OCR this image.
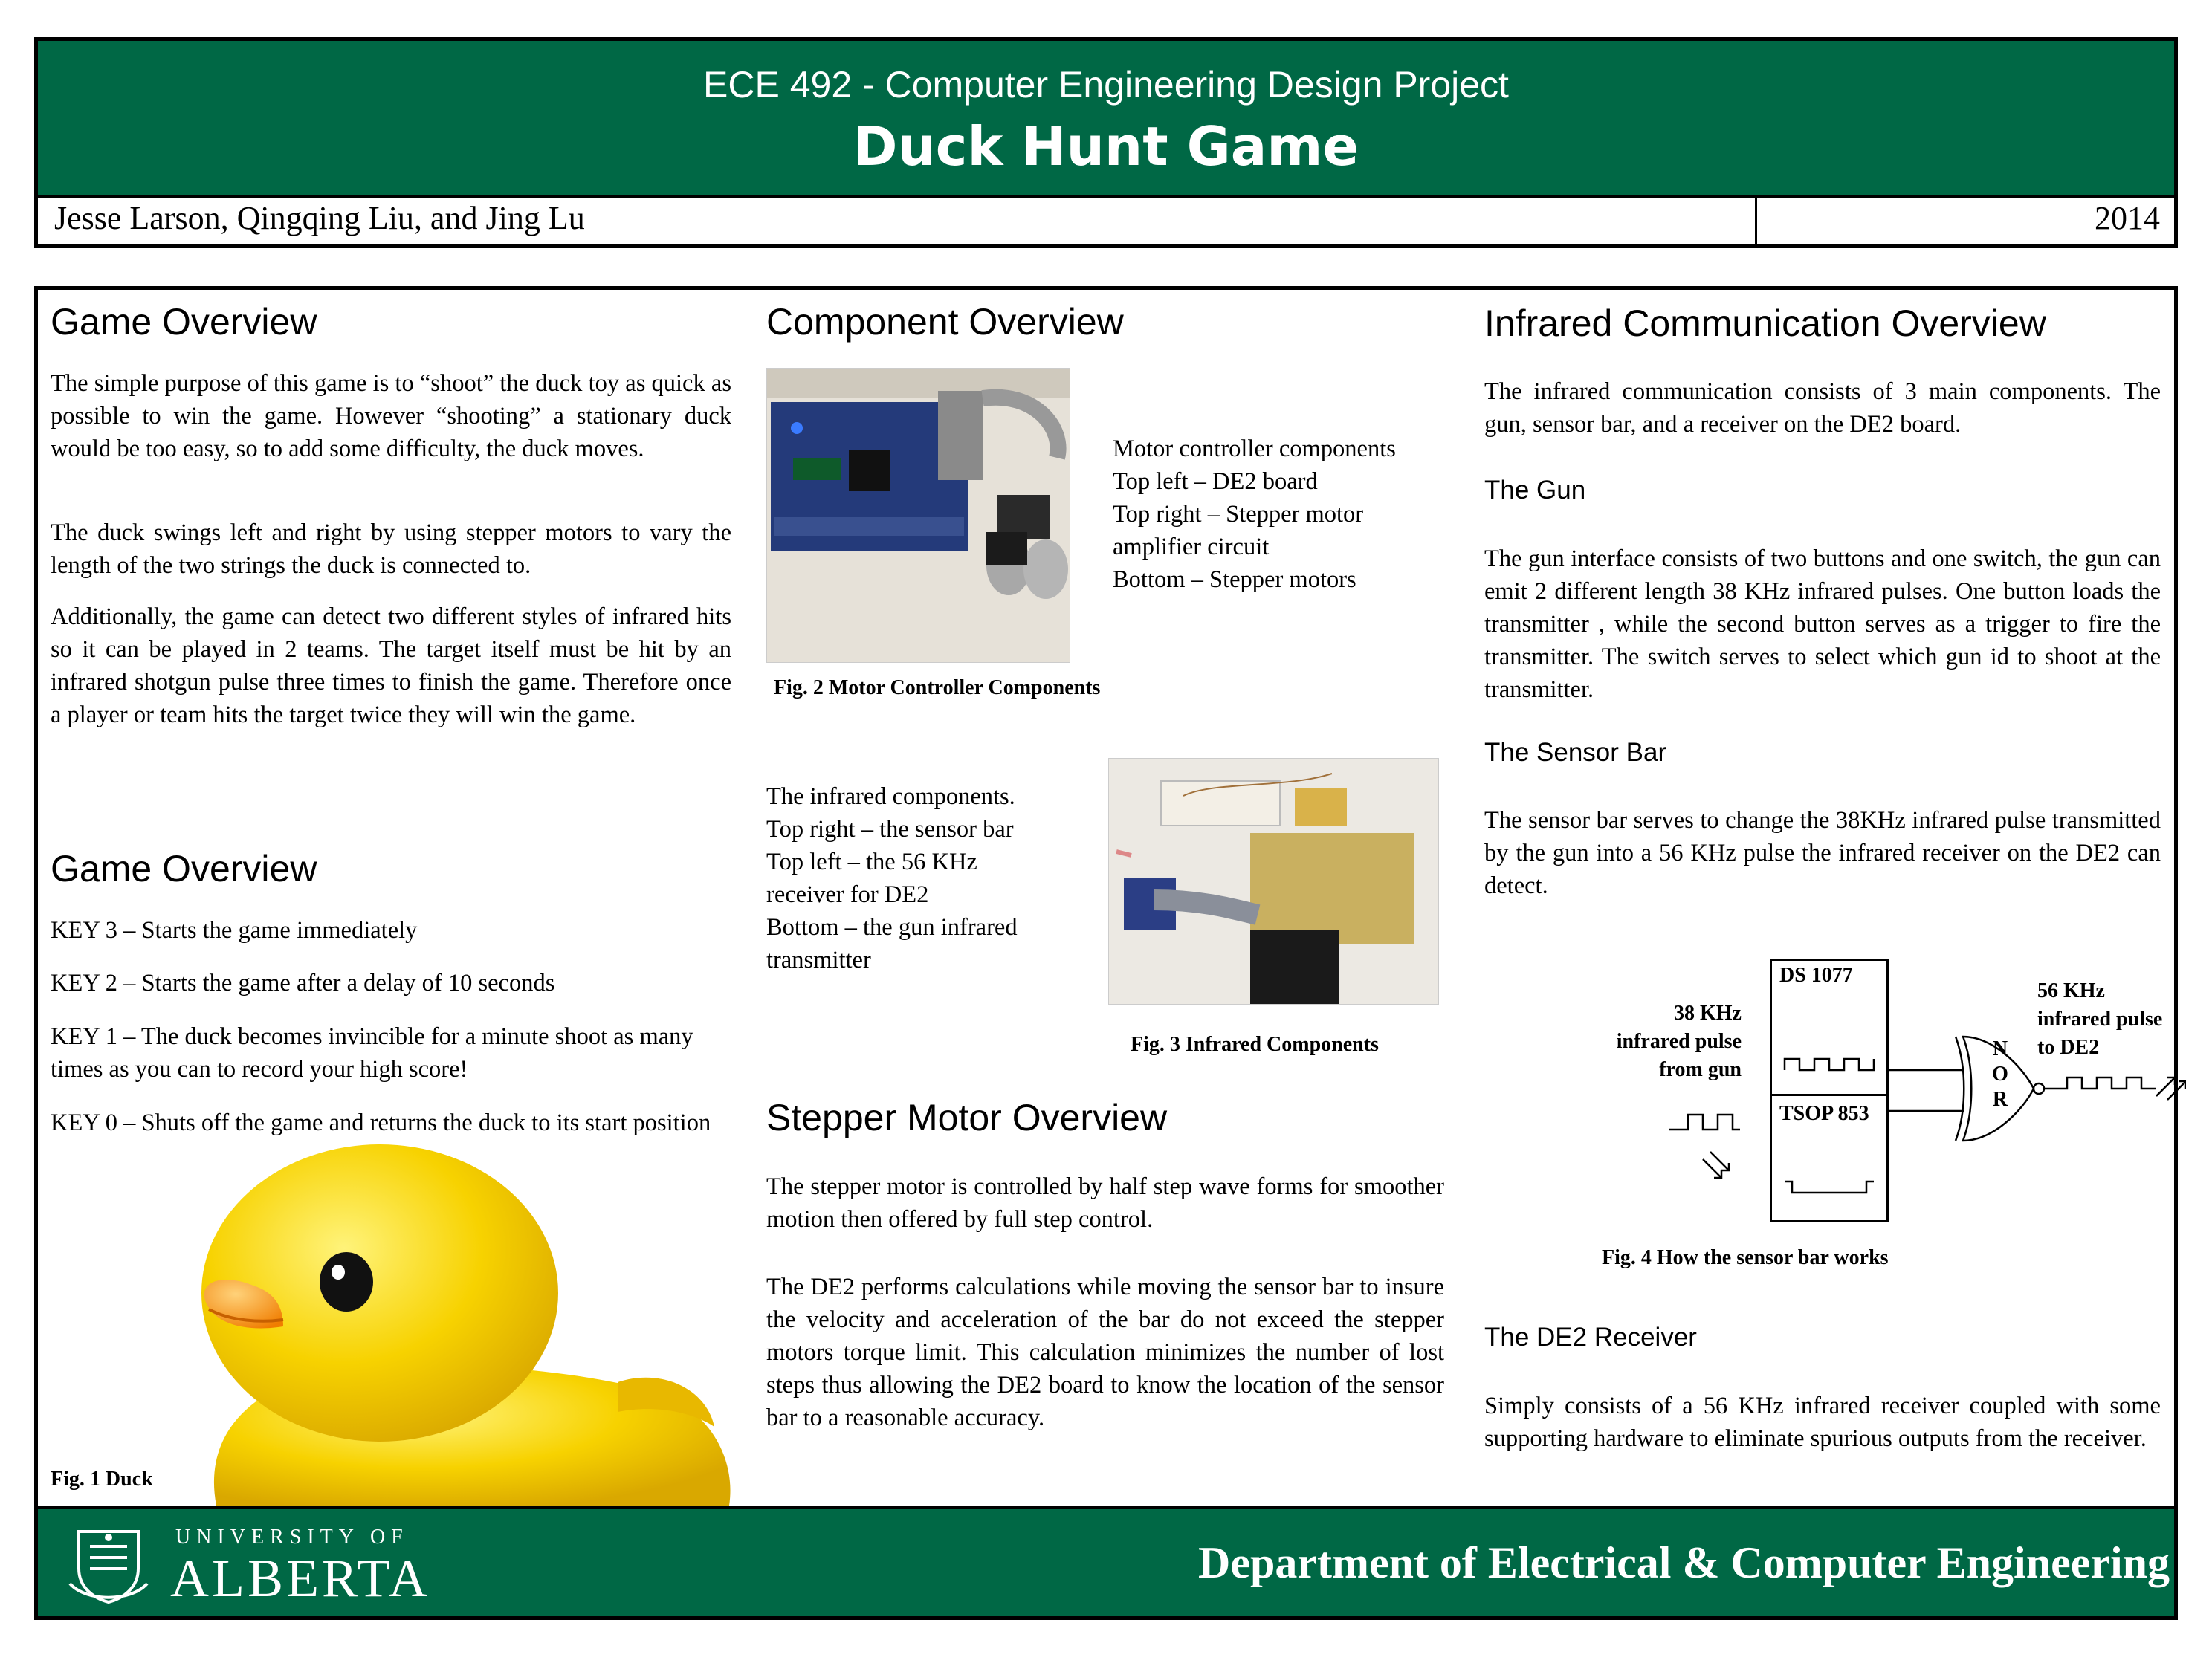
ECE 492 - Computer Engineering Design Project
Duck Hunt Game
Jesse Larson, Qingqing Liu, and Jing Lu	2014
Game Overview
The simple purpose of this game is to “shoot” the duck toy as quick as possible to win the game. However “shooting” a stationary duck would be too easy, so to add some difficulty, the duck moves.
The duck swings left and right by using stepper motors to vary the length of the two strings the duck is connected to.
Additionally, the game can detect two different styles of infrared hits so it can be played in 2 teams. The target itself must be hit by an infrared shotgun pulse three times to finish the game. Therefore once a player or team hits the target twice they will win the game.
Game Overview
KEY 3 – Starts the game immediately
KEY 2 – Starts the game after a delay of 10 seconds
KEY 1 – The duck becomes invincible for a minute shoot as many times as you can to record your high score!
KEY 0 – Shuts off the game and returns the duck to its start position
Fig. 1 Duck
Component Overview
Motor controller components
Top left – DE2 board
Top right – Stepper motor
amplifier circuit
Bottom – Stepper motors
Fig. 2 Motor Controller Components
The infrared components.
Top right – the sensor bar
Top left – the 56 KHz
receiver for DE2
Bottom – the gun infrared
transmitter
Fig. 3 Infrared Components
Stepper Motor Overview
The stepper motor is controlled by half step wave forms for smoother motion then offered by full step control.
The DE2 performs calculations while moving the sensor bar to insure the velocity and acceleration of the bar do not exceed the stepper motors torque limit. This calculation minimizes the number of lost steps thus allowing the DE2 board to know the location of the sensor bar to a reasonable accuracy.
Infrared Communication Overview
The infrared communication consists of 3 main components. The gun, sensor bar, and a receiver on the DE2 board.
The Gun
The gun interface consists of two buttons and one switch, the gun can emit 2 different length 38 KHz infrared pulses. One button loads the transmitter , while the second button serves as a trigger to fire the transmitter. The switch serves to select which gun id to shoot at the transmitter.
The Sensor Bar
The sensor bar serves to change the 38KHz infrared pulse transmitted by the gun into a 56 KHz pulse the infrared receiver on the DE2 can detect.
38 KHz
infrared pulse
from gun
DS 1077
TSOP 853
N
O
R
56 KHz
infrared pulse
to DE2
Fig. 4 How the sensor bar works
The DE2 Receiver
Simply consists of a 56 KHz infrared receiver coupled with some supporting hardware to eliminate spurious outputs from the receiver.
UNIVERSITY OF
ALBERTA	Department of Electrical & Computer Engineering
